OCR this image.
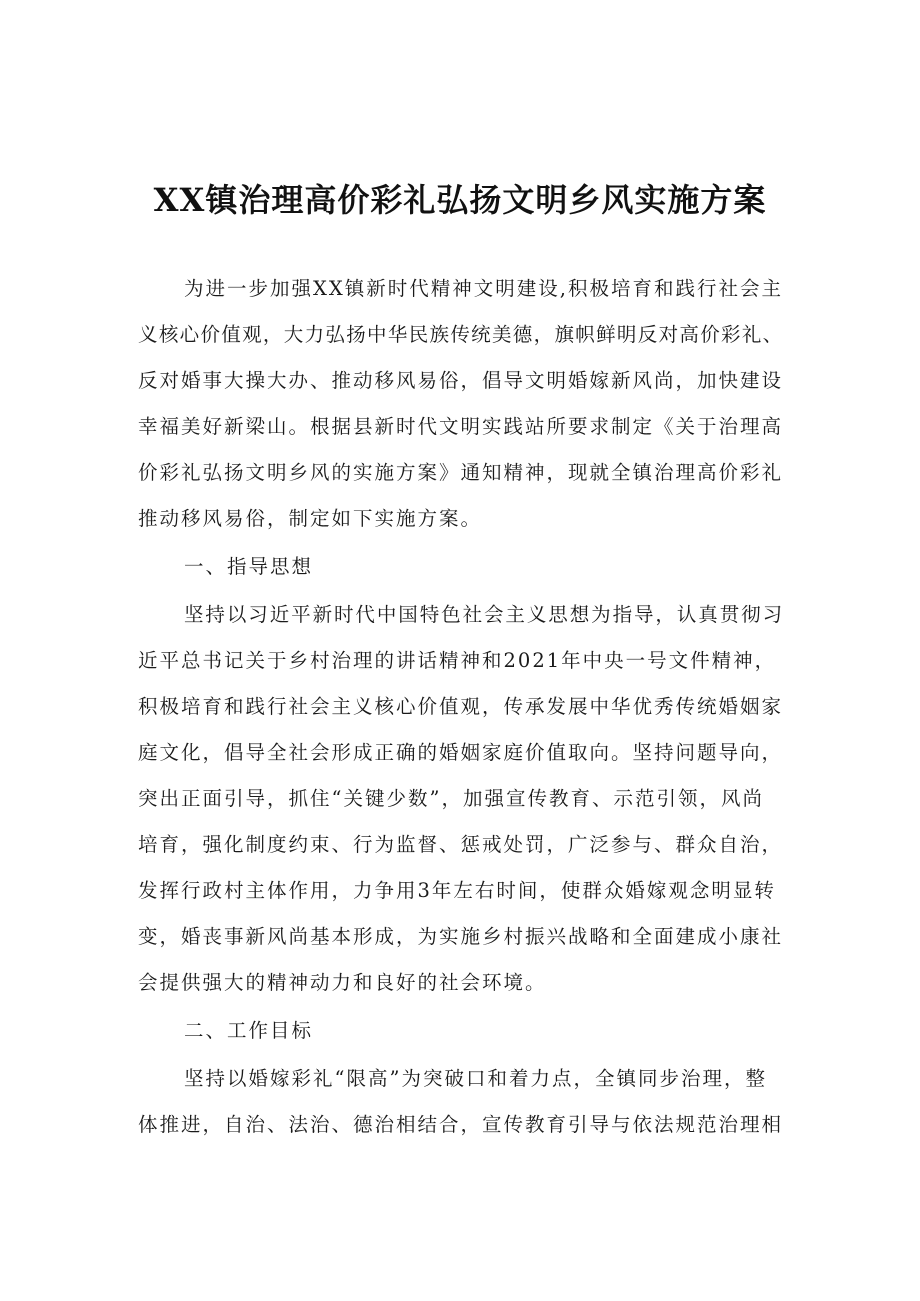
XX镇治理高价彩礼弘扬文明乡风实施方案
为进一步加强XX镇新时代精神文明建设,积极培育和践行社会主
义核心价值观，大力弘扬中华民族传统美德，旗帜鲜明反对高价彩礼、
反对婚事大操大办、推动移风易俗，倡导文明婚嫁新风尚，加快建设
幸福美好新梁山。根据县新时代文明实践站所要求制定《关于治理高
价彩礼弘扬文明乡风的实施方案》通知精神，现就全镇治理高价彩礼
推动移风易俗，制定如下实施方案。
一、指导思想
坚持以习近平新时代中国特色社会主义思想为指导，认真贯彻习
近平总书记关于乡村治理的讲话精神和2021年中央一号文件精神，
积极培育和践行社会主义核心价值观，传承发展中华优秀传统婚姻家
庭文化，倡导全社会形成正确的婚姻家庭价值取向。坚持问题导向，
突出正面引导，抓住“关键少数”，加强宣传教育、示范引领，风尚
培育，强化制度约束、行为监督、惩戒处罚，广泛参与、群众自治，
发挥行政村主体作用，力争用3年左右时间，使群众婚嫁观念明显转
变，婚丧事新风尚基本形成，为实施乡村振兴战略和全面建成小康社
会提供强大的精神动力和良好的社会环境。
二、工作目标
坚持以婚嫁彩礼“限高”为突破口和着力点，全镇同步治理，整
体推进，自治、法治、德治相结合，宣传教育引导与依法规范治理相
